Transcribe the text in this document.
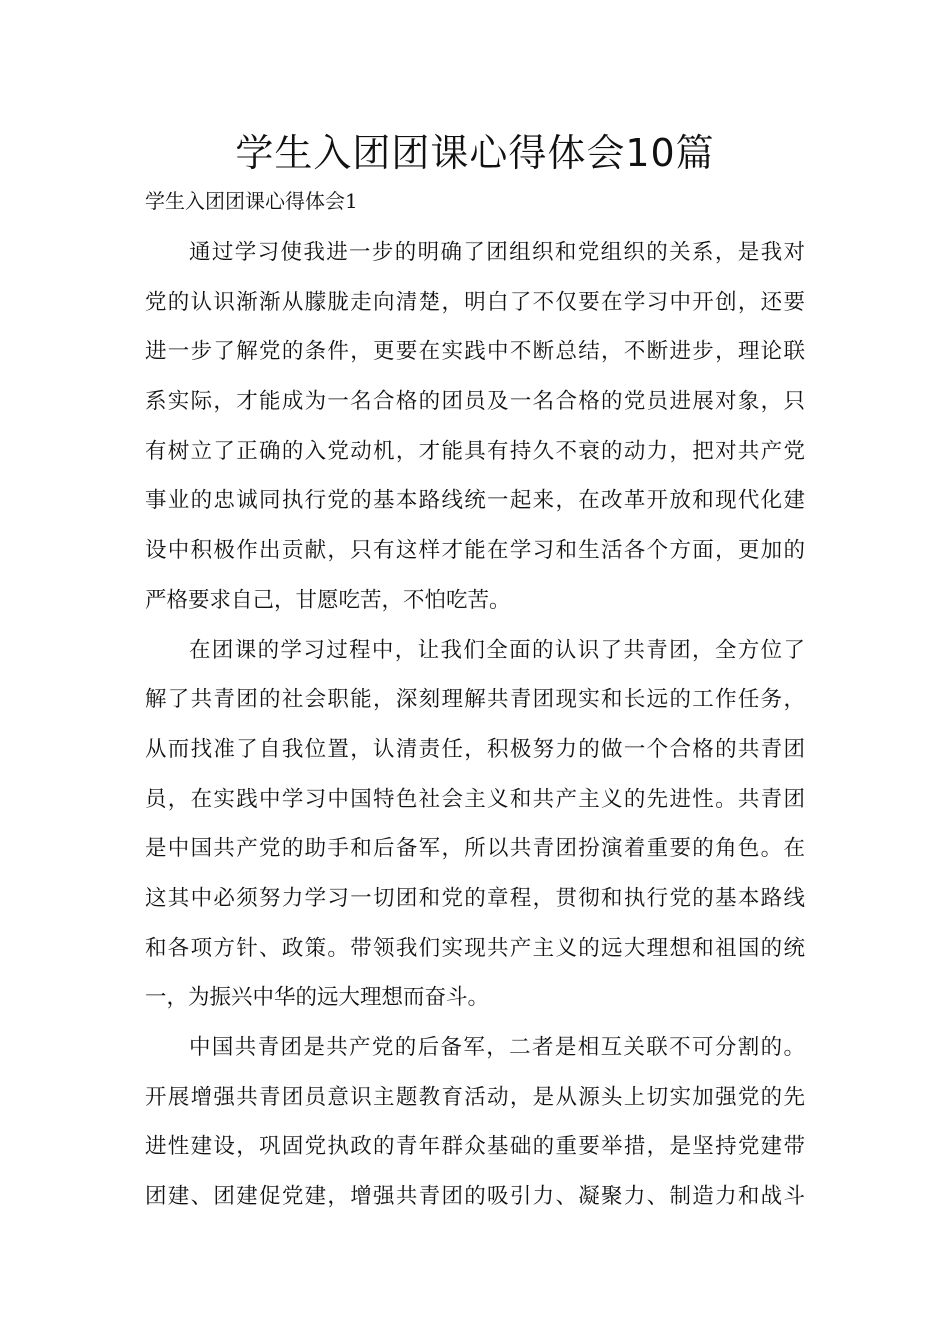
学生入团团课心得体会10篇
学生入团团课心得体会1

通过学习使我进一步的明确了团组织和党组织的关系，是我对
党的认识渐渐从朦胧走向清楚，明白了不仅要在学习中开创，还要
进一步了解党的条件，更要在实践中不断总结，不断进步，理论联
系实际，才能成为一名合格的团员及一名合格的党员进展对象，只
有树立了正确的入党动机，才能具有持久不衰的动力，把对共产党
事业的忠诚同执行党的基本路线统一起来，在改革开放和现代化建
设中积极作出贡献，只有这样才能在学习和生活各个方面，更加的
严格要求自己，甘愿吃苦，不怕吃苦。

在团课的学习过程中，让我们全面的认识了共青团，全方位了
解了共青团的社会职能，深刻理解共青团现实和长远的工作任务，
从而找准了自我位置，认清责任，积极努力的做一个合格的共青团
员，在实践中学习中国特色社会主义和共产主义的先进性。共青团
是中国共产党的助手和后备军，所以共青团扮演着重要的角色。在
这其中必须努力学习一切团和党的章程，贯彻和执行党的基本路线
和各项方针、政策。带领我们实现共产主义的远大理想和祖国的统
一，为振兴中华的远大理想而奋斗。

中国共青团是共产党的后备军，二者是相互关联不可分割的。
开展增强共青团员意识主题教育活动，是从源头上切实加强党的先
进性建设，巩固党执政的青年群众基础的重要举措，是坚持党建带
团建、团建促党建，增强共青团的吸引力、凝聚力、制造力和战斗
